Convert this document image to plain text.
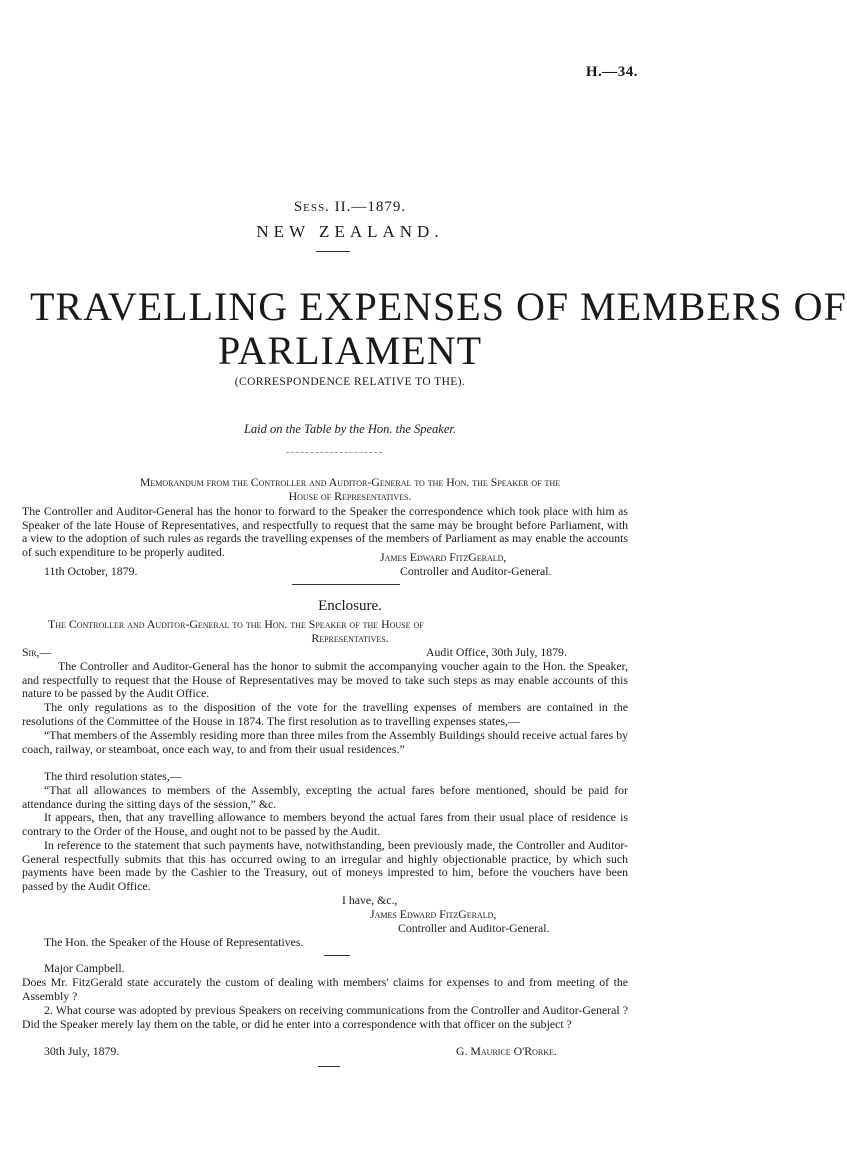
H.—34.
Sess. II.—1879.
NEW ZEALAND.
TRAVELLING EXPENSES OF MEMBERS OF
PARLIAMENT
(CORRESPONDENCE RELATIVE TO THE).
Laid on the Table by the Hon. the Speaker.
Memorandum from the Controller and Auditor-General to the Hon. the Speaker of the
House of Representatives.
The Controller and Auditor-General has the honor to forward to the Speaker the correspondence which took place with him as Speaker of the late House of Representatives, and respectfully to request that the same may be brought before Parliament, with a view to the adoption of such rules as regards the travelling expenses of the members of Parliament as may enable the accounts of such expenditure to be properly audited.	James Edward FitzGerald,
11th October, 1879.	Controller and Auditor-General.
Enclosure.
The Controller and Auditor-General to the Hon. the Speaker of the House of
Representatives.
Sir,—	Audit Office, 30th July, 1879.
The Controller and Auditor-General has the honor to submit the accompanying voucher again to the Hon. the Speaker, and respectfully to request that the House of Representatives may be moved to take such steps as may enable accounts of this nature to be passed by the Audit Office.
The only regulations as to the disposition of the vote for the travelling expenses of members are contained in the resolutions of the Committee of the House in 1874. The first resolution as to travelling expenses states,—
“That members of the Assembly residing more than three miles from the Assembly Buildings should receive actual fares by coach, railway, or steamboat, once each way, to and from their usual residences.”
The third resolution states,—
“That all allowances to members of the Assembly, excepting the actual fares before mentioned, should be paid for attendance during the sitting days of the session,” &c.
It appears, then, that any travelling allowance to members beyond the actual fares from their usual place of residence is contrary to the Order of the House, and ought not to be passed by the Audit.
In reference to the statement that such payments have, notwithstanding, been previously made, the Controller and Auditor-General respectfully submits that this has occurred owing to an irregular and highly objectionable practice, by which such payments have been made by the Cashier to the Treasury, out of moneys imprested to him, before the vouchers have been passed by the Audit Office.
I have, &c.,
James Edward FitzGerald,
Controller and Auditor-General.
The Hon. the Speaker of the House of Representatives.
Major Campbell.
Does Mr. FitzGerald state accurately the custom of dealing with members' claims for expenses to and from meeting of the Assembly ?
2. What course was adopted by previous Speakers on receiving communications from the Controller and Auditor-General ? Did the Speaker merely lay them on the table, or did he enter into a correspondence with that officer on the subject ?
30th July, 1879.	G. Maurice O'Rorke.
